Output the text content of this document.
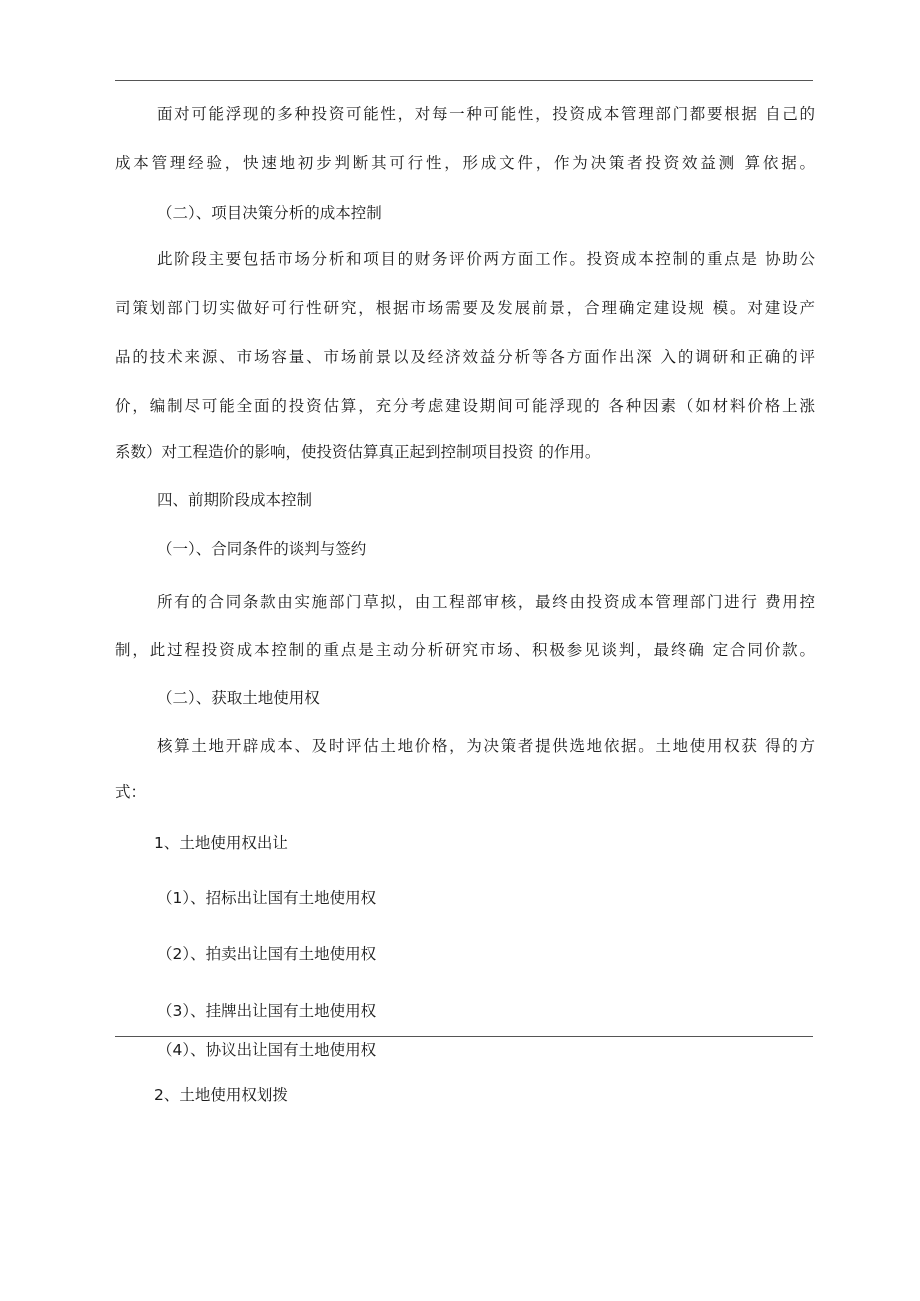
面对可能浮现的多种投资可能性，对每一种可能性，投资成本管理部门都要根据 自己的
成本管理经验，快速地初步判断其可行性，形成文件，作为决策者投资效益测 算依据。
（二）、项目决策分析的成本控制
此阶段主要包括市场分析和项目的财务评价两方面工作。投资成本控制的重点是 协助公
司策划部门切实做好可行性研究，根据市场需要及发展前景，合理确定建设规 模。对建设产
品的技术来源、市场容量、市场前景以及经济效益分析等各方面作出深 入的调研和正确的评
价，编制尽可能全面的投资估算，充分考虑建设期间可能浮现的 各种因素（如材料价格上涨
系数）对工程造价的影响，使投资估算真正起到控制项目投资 的作用。
四、前期阶段成本控制
（一）、合同条件的谈判与签约
所有的合同条款由实施部门草拟，由工程部审核，最终由投资成本管理部门进行 费用控
制，此过程投资成本控制的重点是主动分析研究市场、积极参见谈判，最终确 定合同价款。
（二）、获取土地使用权
核算土地开辟成本、及时评估土地价格，为决策者提供选地依据。土地使用权获 得的方
式：
1、土地使用权出让
（1）、招标出让国有土地使用权
（2）、拍卖出让国有土地使用权
（3）、挂牌出让国有土地使用权
（4）、协议出让国有土地使用权
2、土地使用权划拨
